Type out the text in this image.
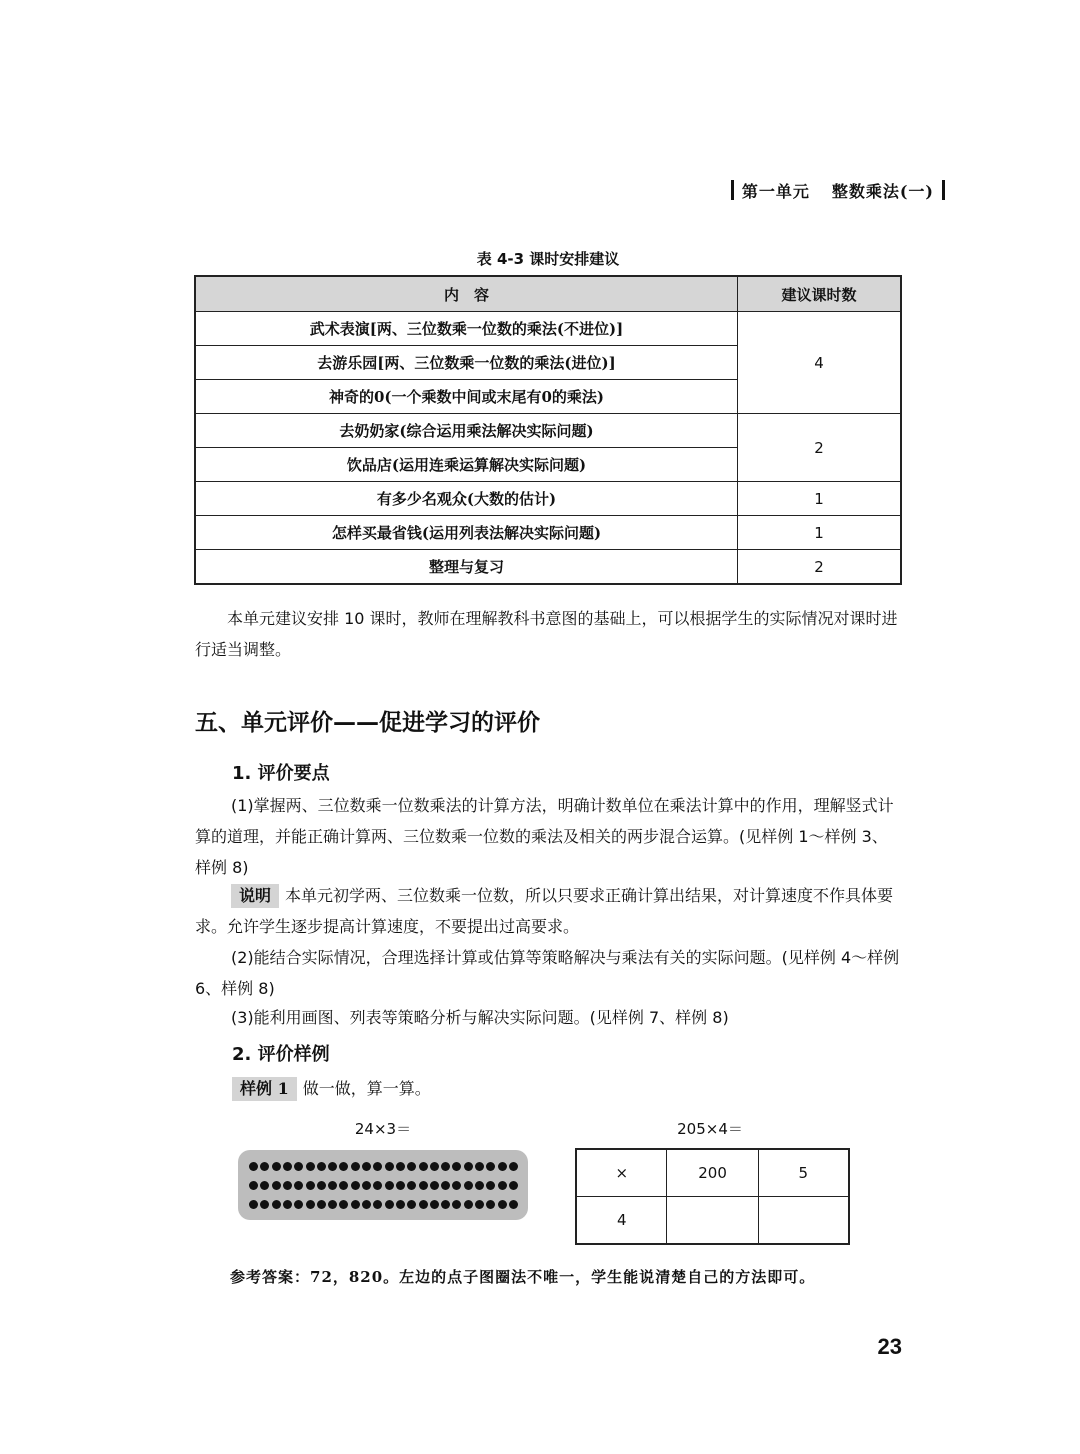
第一单元 整数乘法(一)
表 4-3 课时安排建议
内　容	建议课时数
武术表演[两、三位数乘一位数的乘法(不进位)]	4
去游乐园[两、三位数乘一位数的乘法(进位)]	
神奇的0(一个乘数中间或末尾有0的乘法)	
去奶奶家(综合运用乘法解决实际问题)	2
饮品店(运用连乘运算解决实际问题)	
有多少名观众(大数的估计)	1
怎样买最省钱(运用列表法解决实际问题)	1
整理与复习	2
本单元建议安排 10 课时，教师在理解教科书意图的基础上，可以根据学生的实际情况对课时进行适当调整。
五、单元评价——促进学习的评价
1. 评价要点
(1)掌握两、三位数乘一位数乘法的计算方法，明确计数单位在乘法计算中的作用，理解竖式计算的道理，并能正确计算两、三位数乘一位数的乘法及相关的两步混合运算。(见样例 1～样例 3、样例 8)
说明 本单元初学两、三位数乘一位数，所以只要求正确计算出结果，对计算速度不作具体要求。允许学生逐步提高计算速度，不要提出过高要求。
(2)能结合实际情况，合理选择计算或估算等策略解决与乘法有关的实际问题。(见样例 4～样例 6、样例 8)
(3)能利用画图、列表等策略分析与解决实际问题。(见样例 7、样例 8)
2. 评价样例
样例 1 做一做，算一算。
24×3＝	205×4＝
×	200	5
4		
参考答案：72，820。左边的点子图圈法不唯一，学生能说清楚自己的方法即可。
23
